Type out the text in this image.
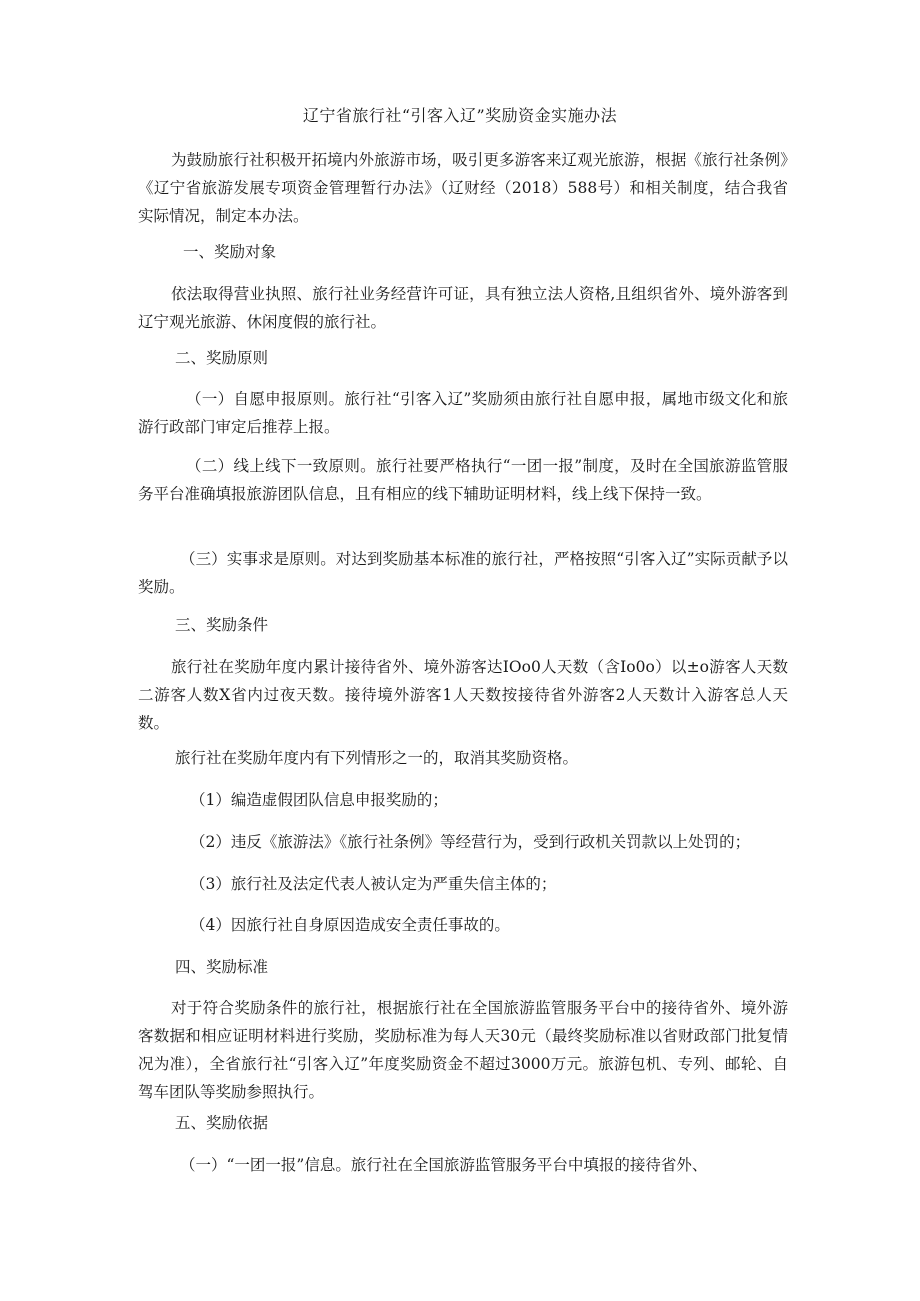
辽宁省旅行社“引客入辽”奖励资金实施办法

为鼓励旅行社积极开拓境内外旅游市场，吸引更多游客来辽观光旅游，根据《旅行社条例》《辽宁省旅游发展专项资金管理暂行办法》（辽财经（2018）588号）和相关制度，结合我省实际情况，制定本办法。

一、奖励对象

依法取得营业执照、旅行社业务经营许可证，具有独立法人资格,且组织省外、境外游客到辽宁观光旅游、休闲度假的旅行社。

二、奖励原则

（一）自愿申报原则。旅行社“引客入辽”奖励须由旅行社自愿申报，属地市级文化和旅游行政部门审定后推荐上报。

（二）线上线下一致原则。旅行社要严格执行“一团一报”制度，及时在全国旅游监管服务平台准确填报旅游团队信息，且有相应的线下辅助证明材料，线上线下保持一致。

（三）实事求是原则。对达到奖励基本标准的旅行社，严格按照“引客入辽”实际贡献予以奖励。

三、奖励条件

旅行社在奖励年度内累计接待省外、境外游客达IOo0人天数（含Io0o）以±o游客人天数二游客人数X省内过夜天数。接待境外游客1人天数按接待省外游客2人天数计入游客总人天数。

旅行社在奖励年度内有下列情形之一的，取消其奖励资格。
（1）编造虚假团队信息申报奖励的；
（2）违反《旅游法》《旅行社条例》等经营行为，受到行政机关罚款以上处罚的；
（3）旅行社及法定代表人被认定为严重失信主体的；
（4）因旅行社自身原因造成安全责任事故的。
四、奖励标准

对于符合奖励条件的旅行社，根据旅行社在全国旅游监管服务平台中的接待省外、境外游客数据和相应证明材料进行奖励，奖励标准为每人天30元（最终奖励标准以省财政部门批复情况为准），全省旅行社“引客入辽”年度奖励资金不超过3000万元。旅游包机、专列、邮轮、自驾车团队等奖励参照执行。

五、奖励依据

（一）“一团一报”信息。旅行社在全国旅游监管服务平台中填报的接待省外、
